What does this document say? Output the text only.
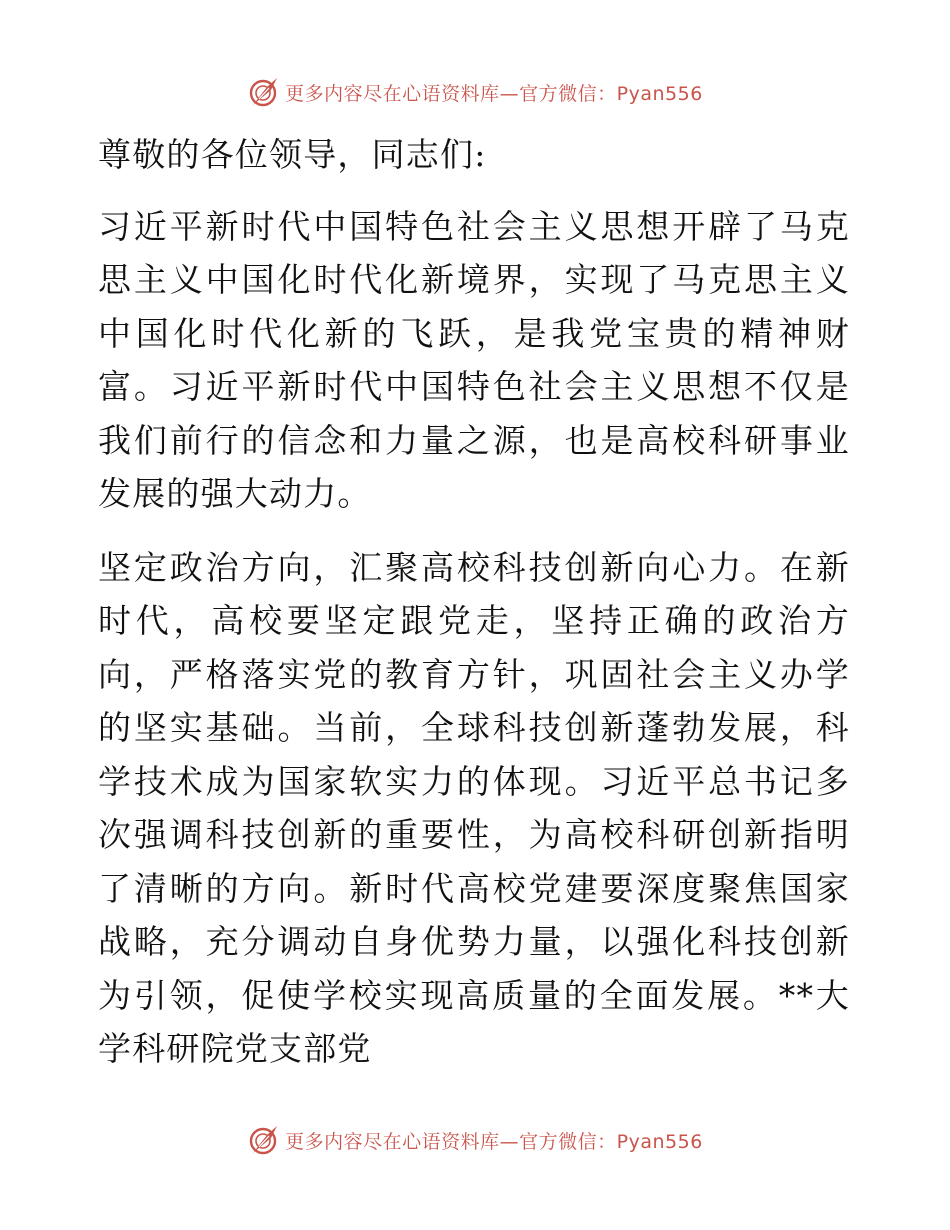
更多内容尽在心语资料库—官方微信：Pyan556

尊敬的各位领导，同志们:

习近平新时代中国特色社会主义思想开辟了马克思主义中国化时代化新境界，实现了马克思主义中国化时代化新的飞跃，是我党宝贵的精神财富。习近平新时代中国特色社会主义思想不仅是我们前行的信念和力量之源，也是高校科研事业发展的强大动力。

坚定政治方向，汇聚高校科技创新向心力。在新时代，高校要坚定跟党走，坚持正确的政治方向，严格落实党的教育方针，巩固社会主义办学的坚实基础。当前，全球科技创新蓬勃发展，科学技术成为国家软实力的体现。习近平总书记多次强调科技创新的重要性，为高校科研创新指明了清晰的方向。新时代高校党建要深度聚焦国家战略，充分调动自身优势力量，以强化科技创新为引领，促使学校实现高质量的全面发展。**大学科研院党支部党

更多内容尽在心语资料库—官方微信：Pyan556
